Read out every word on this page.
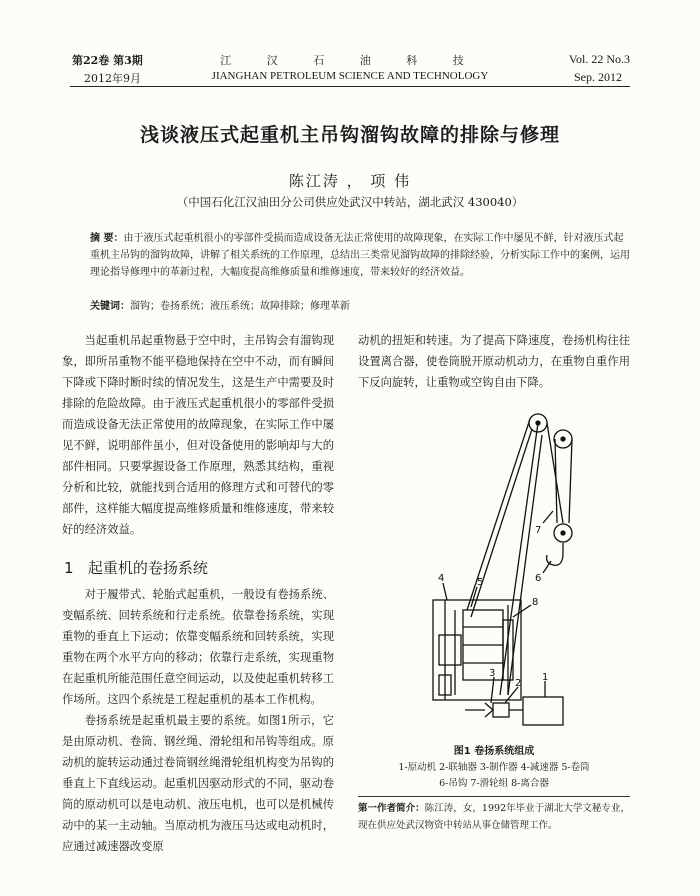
第22卷 第3期
2012年9月
江 汉 石 油 科 技
JIANGHAN PETROLEUM SCIENCE AND TECHNOLOGY
Vol. 22 No.3
Sep. 2012
浅谈液压式起重机主吊钩溜钩故障的排除与修理
陈江涛 ， 项 伟
（中国石化江汉油田分公司供应处武汉中转站，湖北武汉 430040）
摘 要：由于液压式起重机很小的零部件受损而造成设备无法正常使用的故障现象，在实际工作中屡见不鲜，针对液压式起重机主吊钩的溜钩故障，讲解了相关系统的工作原理，总结出三类常见溜钩故障的排除经验，分析实际工作中的案例，运用理论指导修理中的革新过程，大幅度提高维修质量和维修速度，带来较好的经济效益。
关键词：溜钩；卷扬系统；液压系统；故障排除；修理革新

当起重机吊起重物悬于空中时，主吊钩会有溜钩现象，即所吊重物不能平稳地保持在空中不动，而有瞬间下降或下降时断时续的情况发生，这是生产中需要及时排除的危险故障。由于液压式起重机很小的零部件受损而造成设备无法正常使用的故障现象，在实际工作中屡见不鲜，说明部件虽小，但对设备使用的影响却与大的部件相同。只要掌握设备工作原理，熟悉其结构，重视分析和比较，就能找到合适用的修理方式和可替代的零部件，这样能大幅度提高维修质量和维修速度，带来较好的经济效益。

1 起重机的卷扬系统

对于履带式、轮胎式起重机，一般设有卷扬系统、变幅系统、回转系统和行走系统。依靠卷扬系统，实现重物的垂直上下运动；依靠变幅系统和回转系统，实现重物在两个水平方向的移动；依靠行走系统，实现重物在起重机所能范围任意空间运动，以及使起重机转移工作场所。这四个系统是工程起重机的基本工作机构。

卷扬系统是起重机最主要的系统。如图1所示，它是由原动机、卷筒、钢丝绳、滑轮组和吊钩等组成。原动机的旋转运动通过卷筒钢丝绳滑轮组机构变为吊钩的垂直上下直线运动。起重机因驱动形式的不同，驱动卷筒的原动机可以是电动机、液压电机，也可以是机械传动中的某一主动轴。当原动机为液压马达或电动机时，应通过减速器改变原

动机的扭矩和转速。为了提高下降速度，卷扬机构往往设置离合器，使卷筒脱开原动机动力，在重物自重作用下反向旋转，让重物或空钩自由下降。

4	5
8
3
2
1
7
6
图1 卷扬系统组成
1-原动机 2-联轴器 3-制作器 4-减速器 5-卷筒
6-吊钩 7-滑轮组 8-离合器
第一作者简介：陈江涛，女，1992年毕业于湖北大学文秘专业，现在供应处武汉物资中转站从事仓储管理工作。
